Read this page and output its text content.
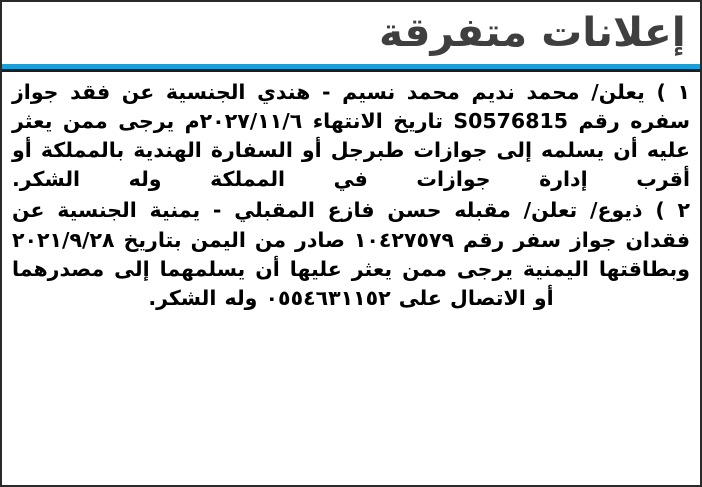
إعلانات متفرقة
١ ) يعلن/ محمد نديم محمد نسيم - هندي الجنسية عن فقد جواز سفره رقم S0576815 تاريخ الانتهاء ٢٠٢٧/١١/٦م يرجى ممن يعثر عليه أن يسلمه إلى جوازات طبرجل أو السفارة الهندية بالمملكة أو أقرب إدارة جوازات في المملكة وله الشكر.
٢ ) ذيوع/ تعلن/ مقبله حسن فازع المقبلي - يمنية الجنسية عن فقدان جواز سفر رقم ١٠٤٢٧٥٧٩ صادر من اليمن بتاريخ ٢٠٢١/٩/٢٨ وبطاقتها اليمنية يرجى ممن يعثر عليها أن يسلمهما إلى مصدرهما أو الاتصال على ٠٥٥٤٦٣١١٥٢ وله الشكر.
